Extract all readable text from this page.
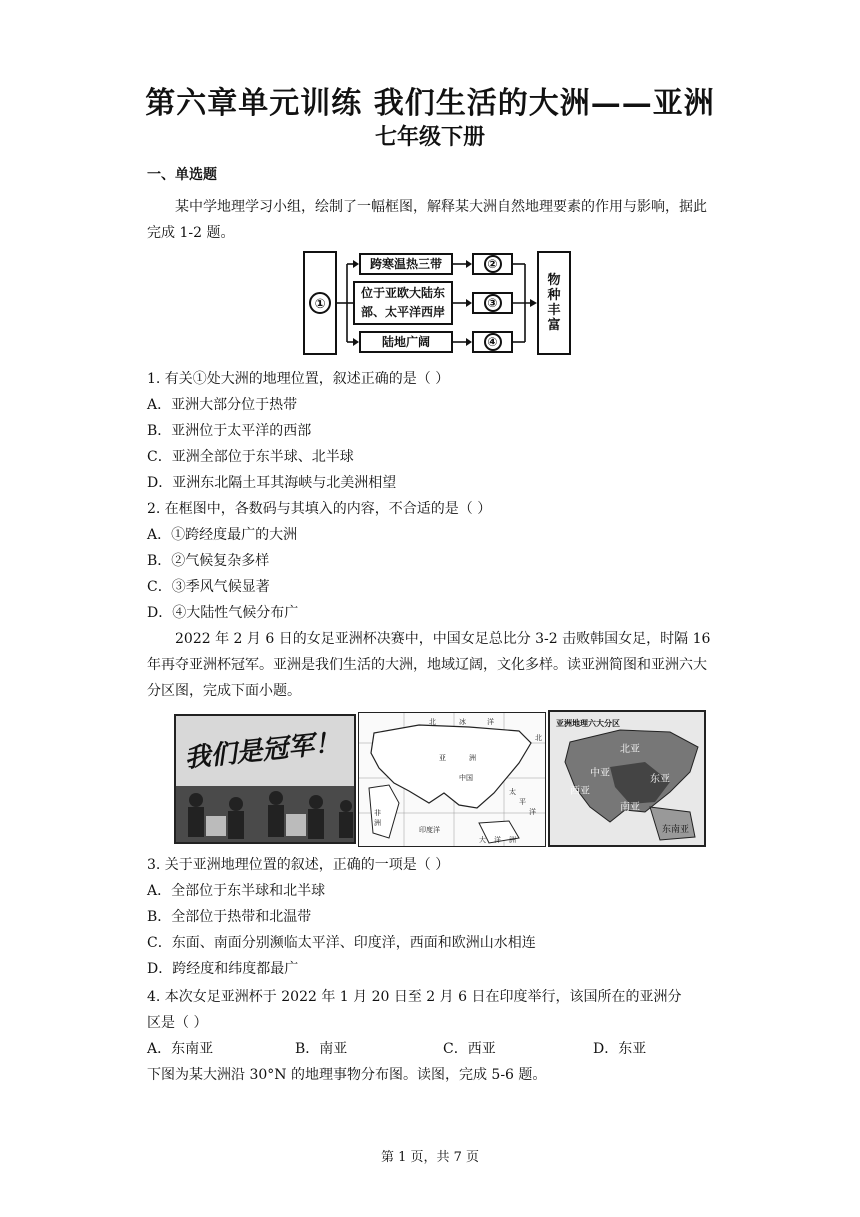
第六章单元训练 我们生活的大洲——亚洲
七年级下册
一、单选题

某中学地理学习小组，绘制了一幅框图，解释某大洲自然地理要素的作用与影响，据此完成 1-2 题。

①
跨寒温热三带
位于亚欧大陆东
部、太平洋西岸
陆地广阔
②
③
④
物种丰富
1. 有关①处大洲的地理位置，叙述正确的是（ ）
A．亚洲大部分位于热带
B．亚洲位于太平洋的西部
C．亚洲全部位于东半球、北半球
D．亚洲东北隔土耳其海峡与北美洲相望
2. 在框图中，各数码与其填入的内容，不合适的是（ ）
A．①跨经度最广的大洲
B．②气候复杂多样
C．③季风气候显著
D．④大陆性气候分布广

2022 年 2 月 6 日的女足亚洲杯决赛中，中国女足总比分 3-2 击败韩国女足，时隔 16 年再夺亚洲杯冠军。亚洲是我们生活的大洲，地域辽阔，文化多样。读亚洲简图和亚洲六大分区图，完成下面小题。

我们是冠军！
北	冰	洋
亚	洲
太
平
洋
非
洲
印度洋
大 洋 洲
中国
北
亚洲地理六大分区
北亚
中亚
东亚
西亚
南亚
东南亚
3. 关于亚洲地理位置的叙述，正确的一项是（ ）
A．全部位于东半球和北半球
B．全部位于热带和北温带
C．东面、南面分别濒临太平洋、印度洋，西面和欧洲山水相连
D．跨经度和纬度都最广
4. 本次女足亚洲杯于 2022 年 1 月 20 日至 2 月 6 日在印度举行，该国所在的亚洲分
区是（ ）
A．东南亚	B．南亚	C．西亚	D．东亚
下图为某大洲沿 30°N 的地理事物分布图。读图，完成 5-6 题。
第 1 页，共 7 页
